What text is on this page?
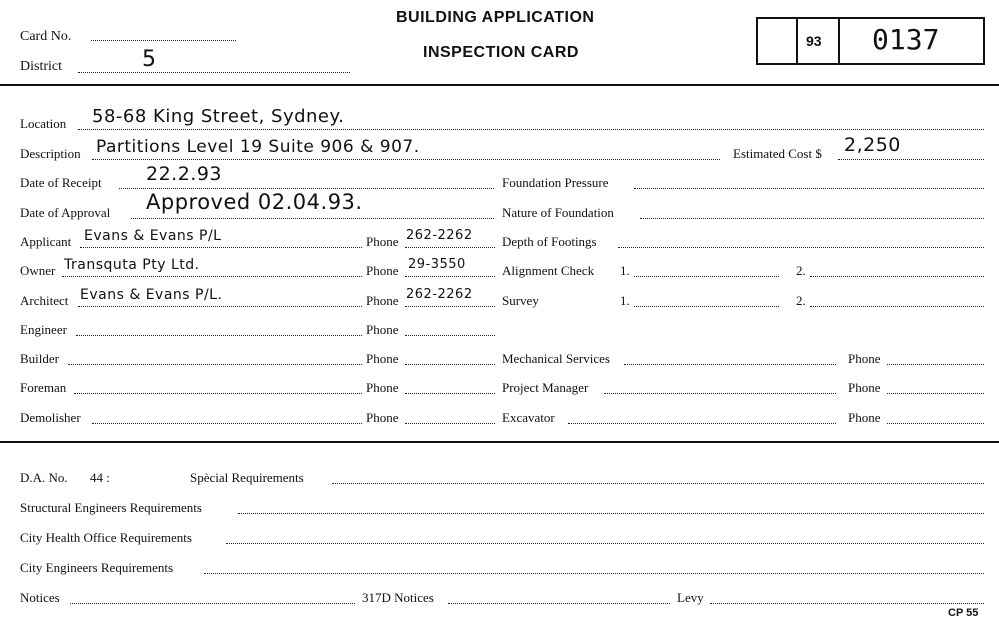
Card No.
District	5
BUILDING APPLICATION
INSPECTION CARD
93 0137
Location 58-68 King Street, Sydney.
Description Partitions Level 19 Suite 906 & 907.	Estimated Cost $ 2,250
Date of Receipt 22.2.93	Foundation Pressure
Date of Approval Approved 02.04.93.	Nature of Foundation
Applicant Evans & Evans P/L	Phone 262-2262 Depth of Footings
Owner Transquta Pty Ltd.	Phone 29-3550	Alignment Check 1.	2.
Architect Evans & Evans P/L.	Phone 262-2262 Survey	1.	2.
Engineer	Phone
Builder	Phone	Mechanical Services	Phone
Foreman	Phone	Project Manager	Phone
Demolisher	Phone	Excavator	Phone
D.A. No. 44 :	Spècial Requirements
Structural Engineers Requirements
City Health Office Requirements
City Engineers Requirements
Notices	317D Notices	Levy
CP 55
